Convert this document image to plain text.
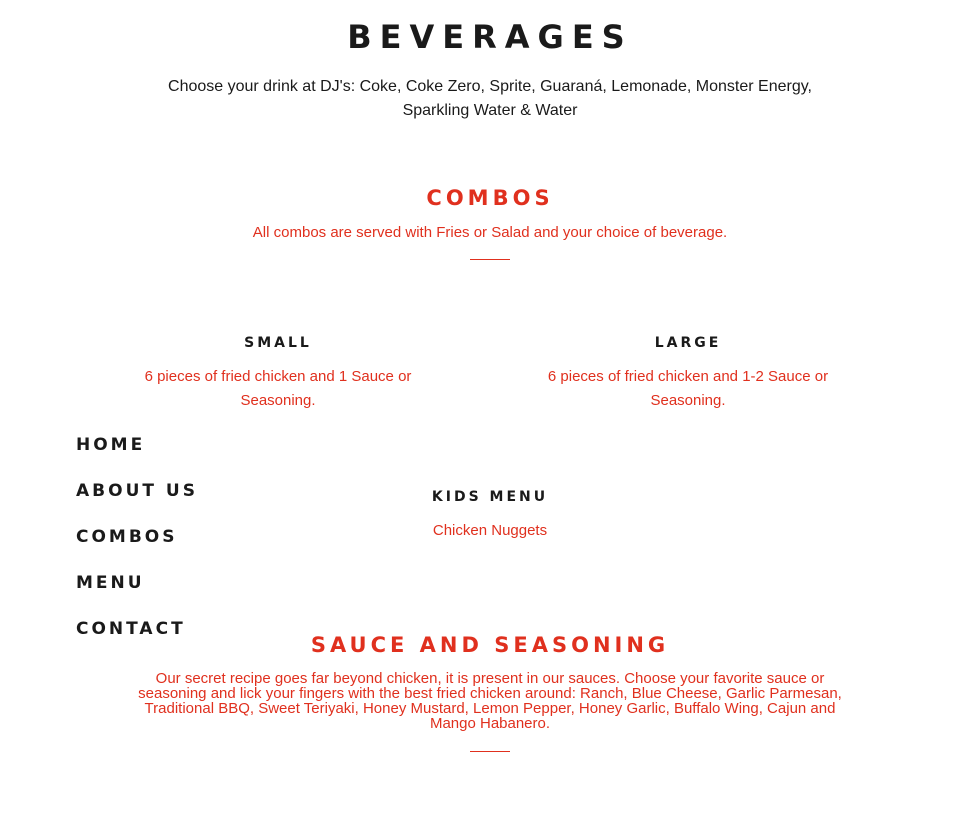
BEVERAGES
Choose your drink at DJ's: Coke, Coke Zero, Sprite, Guaraná, Lemonade, Monster Energy, Sparkling Water & Water
COMBOS
All combos are served with Fries or Salad and your choice of beverage.
SMALL
6 pieces of fried chicken and 1 Sauce or Seasoning.
LARGE
6 pieces of fried chicken and 1-2 Sauce or Seasoning.
KIDS MENU
Chicken Nuggets
HOME
ABOUT US
COMBOS
MENU
CONTACT
SAUCE AND SEASONING
Our secret recipe goes far beyond chicken, it is present in our sauces. Choose your favorite sauce or seasoning and lick your fingers with the best fried chicken around: Ranch, Blue Cheese, Garlic Parmesan, Traditional BBQ, Sweet Teriyaki, Honey Mustard, Lemon Pepper, Honey Garlic, Buffalo Wing, Cajun and Mango Habanero.
